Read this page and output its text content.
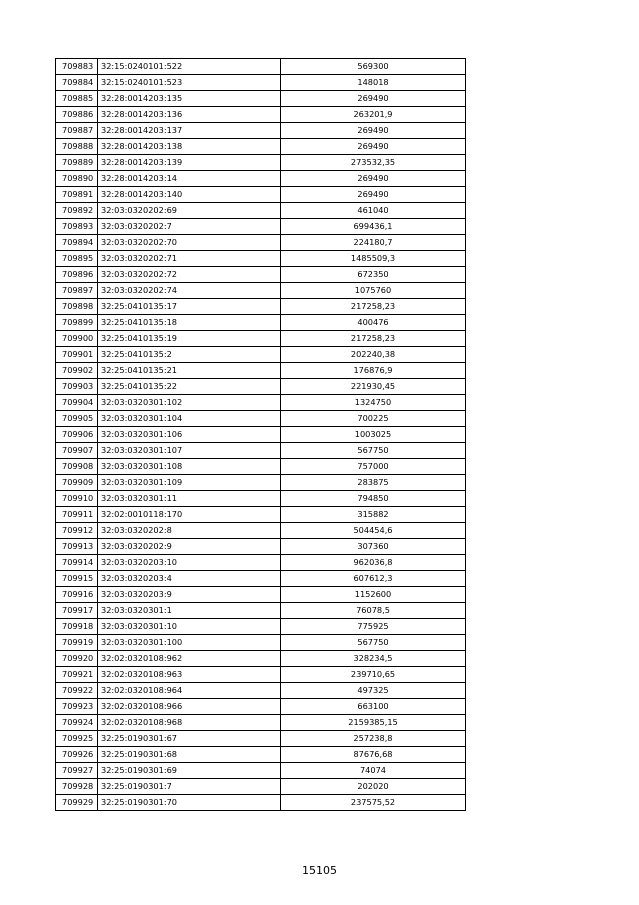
709883	32:15:0240101:522	569300
709884	32:15:0240101:523	148018
709885	32:28:0014203:135	269490
709886	32:28:0014203:136	263201,9
709887	32:28:0014203:137	269490
709888	32:28:0014203:138	269490
709889	32:28:0014203:139	273532,35
709890	32:28:0014203:14	269490
709891	32:28:0014203:140	269490
709892	32:03:0320202:69	461040
709893	32:03:0320202:7	699436,1
709894	32:03:0320202:70	224180,7
709895	32:03:0320202:71	1485509,3
709896	32:03:0320202:72	672350
709897	32:03:0320202:74	1075760
709898	32:25:0410135:17	217258,23
709899	32:25:0410135:18	400476
709900	32:25:0410135:19	217258,23
709901	32:25:0410135:2	202240,38
709902	32:25:0410135:21	176876,9
709903	32:25:0410135:22	221930,45
709904	32:03:0320301:102	1324750
709905	32:03:0320301:104	700225
709906	32:03:0320301:106	1003025
709907	32:03:0320301:107	567750
709908	32:03:0320301:108	757000
709909	32:03:0320301:109	283875
709910	32:03:0320301:11	794850
709911	32:02:0010118:170	315882
709912	32:03:0320202:8	504454,6
709913	32:03:0320202:9	307360
709914	32:03:0320203:10	962036,8
709915	32:03:0320203:4	607612,3
709916	32:03:0320203:9	1152600
709917	32:03:0320301:1	76078,5
709918	32:03:0320301:10	775925
709919	32:03:0320301:100	567750
709920	32:02:0320108:962	328234,5
709921	32:02:0320108:963	239710,65
709922	32:02:0320108:964	497325
709923	32:02:0320108:966	663100
709924	32:02:0320108:968	2159385,15
709925	32:25:0190301:67	257238,8
709926	32:25:0190301:68	87676,68
709927	32:25:0190301:69	74074
709928	32:25:0190301:7	202020
709929	32:25:0190301:70	237575,52
15105
